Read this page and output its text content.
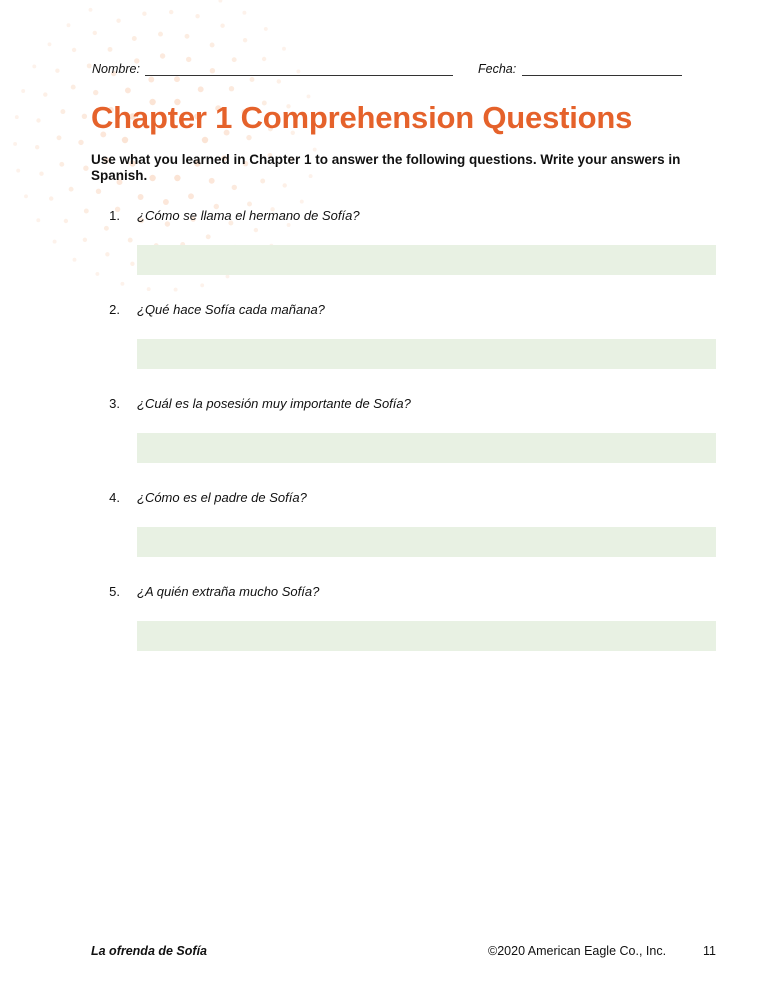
Nombre:	Fecha:
Chapter 1 Comprehension Questions

Use what you learned in Chapter 1 to answer the following questions. Write your answers in Spanish.

1. ¿Cómo se llama el hermano de Sofía?
2. ¿Qué hace Sofía cada mañana?
3. ¿Cuál es la posesión muy importante de Sofía?
4. ¿Cómo es el padre de Sofía?
5. ¿A quién extraña mucho Sofía?
La ofrenda de Sofía	©2020 American Eagle Co., Inc.	11
